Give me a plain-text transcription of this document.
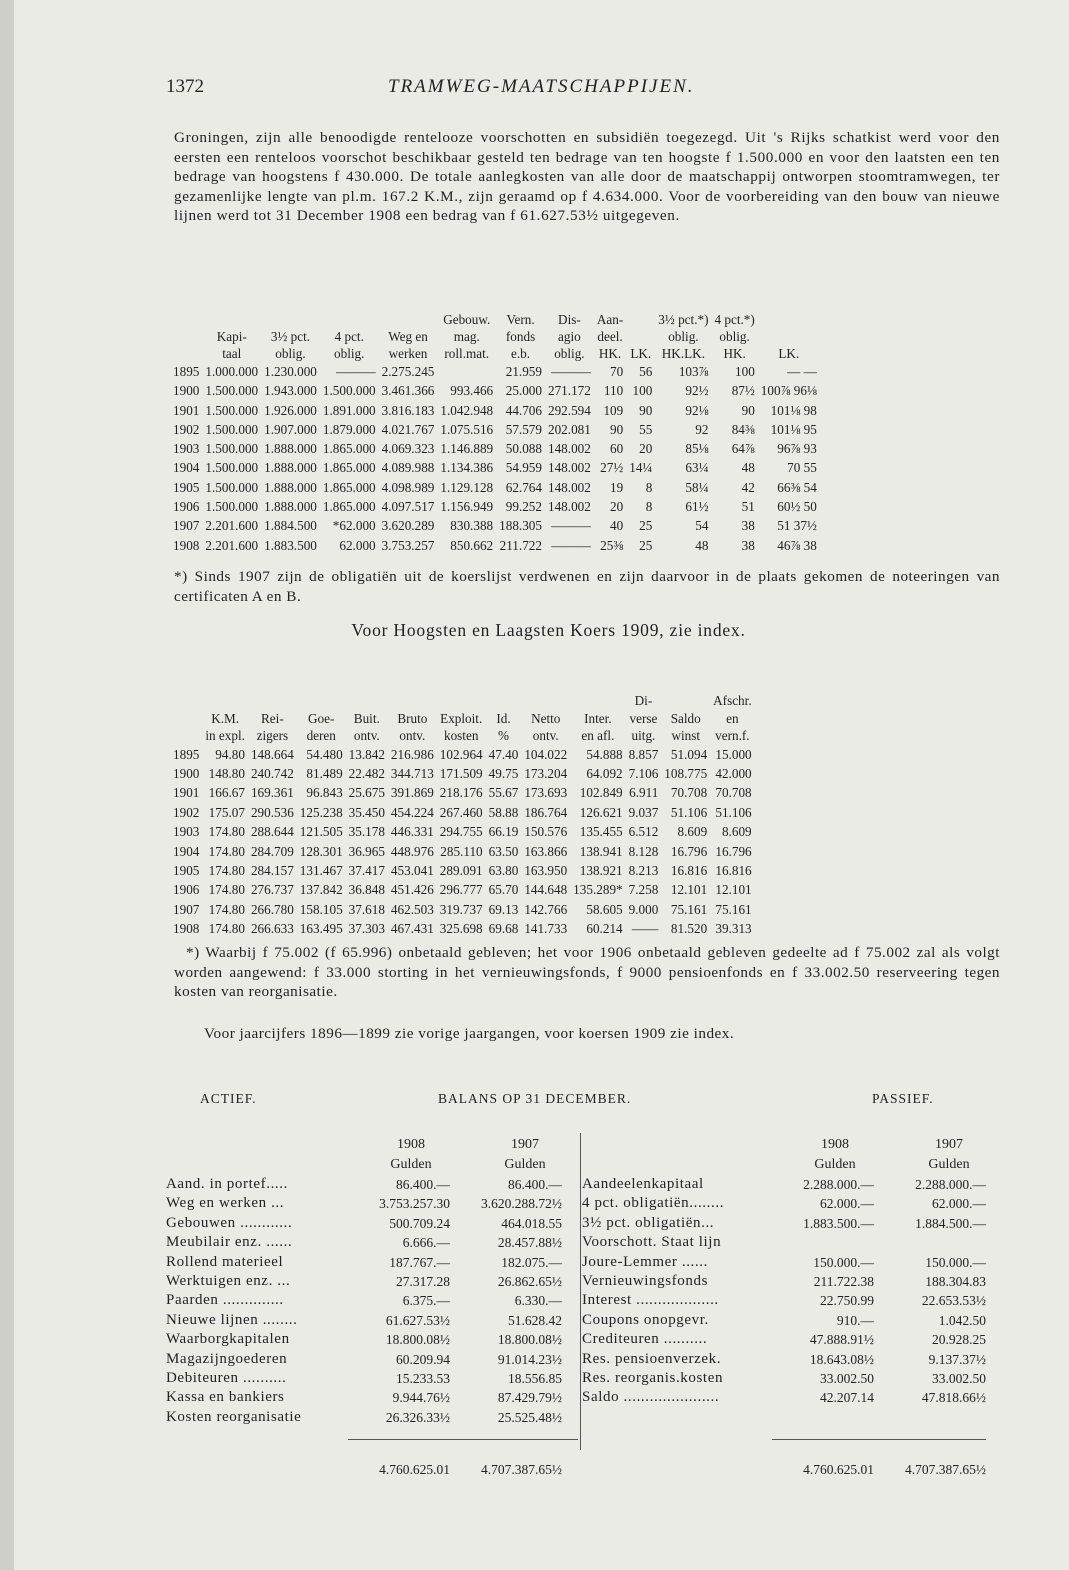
1372	TRAMWEG-MAATSCHAPPIJEN.
Groningen, zijn alle benoodigde rentelooze voorschotten en subsidiën toegezegd. Uit 's Rijks schatkist werd voor den eersten een renteloos voorschot beschikbaar gesteld ten bedrage van ten hoogste f 1.500.000 en voor den laatsten een ten bedrage van hoogstens f 430.000. De totale aanlegkosten van alle door de maatschappij ontworpen stoomtramwegen, ter gezamenlijke lengte van pl.m. 167.2 K.M., zijn geraamd op f 4.634.000. Voor de voorbereiding van den bouw van nieuwe lijnen werd tot 31 December 1908 een bedrag van f 61.627.53½ uitgegeven.
					Gebouw.	Vern.	Dis-	Aan-		3½ pct.*)	4 pct.*)	
	Kapi-	3½ pct.	4 pct.	Weg en	mag.	fonds	agio	deel.		oblig.	oblig.	
	taal	oblig.	oblig.	werken	roll.mat.	e.b.	oblig.	HK.	LK.	HK.LK.	HK.	LK.
1895	1.000.000	1.230.000	———	2.275.245		21.959	———	70	56	103⅞	100	— —
1900	1.500.000	1.943.000	1.500.000	3.461.366	993.466	25.000	271.172	110	100	92½	87½	100⅞ 96⅛
1901	1.500.000	1.926.000	1.891.000	3.816.183	1.042.948	44.706	292.594	109	90	92⅛	90	101⅛ 98
1902	1.500.000	1.907.000	1.879.000	4.021.767	1.075.516	57.579	202.081	90	55	92	84⅜	101⅛ 95
1903	1.500.000	1.888.000	1.865.000	4.069.323	1.146.889	50.088	148.002	60	20	85⅛	64⅞	96⅞ 93
1904	1.500.000	1.888.000	1.865.000	4.089.988	1.134.386	54.959	148.002	27½	14¼	63¼	48	70 55
1905	1.500.000	1.888.000	1.865.000	4.098.989	1.129.128	62.764	148.002	19	8	58¼	42	66⅜ 54
1906	1.500.000	1.888.000	1.865.000	4.097.517	1.156.949	99.252	148.002	20	8	61½	51	60½ 50
1907	2.201.600	1.884.500	*62.000	3.620.289	830.388	188.305	———	40	25	54	38	51 37½
1908	2.201.600	1.883.500	62.000	3.753.257	850.662	211.722	———	25⅜	25	48	38	46⅞ 38
*) Sinds 1907 zijn de obligatiën uit de koerslijst verdwenen en zijn daarvoor in de plaats gekomen de noteeringen van certificaten A en B.
Voor Hoogsten en Laagsten Koers 1909, zie index.
										Di-		Afschr.
	K.M.	Rei-	Goe-	Buit.	Bruto	Exploit.	Id.	Netto	Inter.	verse	Saldo	en
	in expl.	zigers	deren	ontv.	ontv.	kosten	%	ontv.	en afl.	uitg.	winst	vern.f.
1895	94.80	148.664	54.480	13.842	216.986	102.964	47.40	104.022	54.888	8.857	51.094	15.000
1900	148.80	240.742	81.489	22.482	344.713	171.509	49.75	173.204	64.092	7.106	108.775	42.000
1901	166.67	169.361	96.843	25.675	391.869	218.176	55.67	173.693	102.849	6.911	70.708	70.708
1902	175.07	290.536	125.238	35.450	454.224	267.460	58.88	186.764	126.621	9.037	51.106	51.106
1903	174.80	288.644	121.505	35.178	446.331	294.755	66.19	150.576	135.455	6.512	8.609	8.609
1904	174.80	284.709	128.301	36.965	448.976	285.110	63.50	163.866	138.941	8.128	16.796	16.796
1905	174.80	284.157	131.467	37.417	453.041	289.091	63.80	163.950	138.921	8.213	16.816	16.816
1906	174.80	276.737	137.842	36.848	451.426	296.777	65.70	144.648	135.289*	7.258	12.101	12.101
1907	174.80	266.780	158.105	37.618	462.503	319.737	69.13	142.766	58.605	9.000	75.161	75.161
1908	174.80	266.633	163.495	37.303	467.431	325.698	69.68	141.733	60.214	——	81.520	39.313
*) Waarbij f 75.002 (f 65.996) onbetaald gebleven; het voor 1906 onbetaald gebleven gedeelte ad f 75.002 zal als volgt worden aangewend: f 33.000 storting in het vernieuwingsfonds, f 9000 pensioenfonds en f 33.002.50 reserveering tegen kosten van reorganisatie.
Voor jaarcijfers 1896—1899 zie vorige jaargangen, voor koersen 1909 zie index.
ACTIEF.	BALANS OP 31 DECEMBER.	PASSIEF.
1908	1907
Gulden	Gulden
Aand. in portef.....	86.400.—	86.400.—
Weg en werken ...	3.753.257.30 3.620.288.72½
Gebouwen ............	500.709.24	464.018.55
Meubilair enz. ......	6.666.—	28.457.88½
Rollend materieel	187.767.—	182.075.—
Werktuigen enz. ...	27.317.28	26.862.65½
Paarden ..............	6.375.—	6.330.—
Nieuwe lijnen ........	61.627.53½	51.628.42
Waarborgkapitalen	18.800.08½	18.800.08½
Magazijngoederen	60.209.94	91.014.23½
Debiteuren ..........	15.233.53	18.556.85
Kassa en bankiers	9.944.76½	87.429.79½
Kosten reorganisatie	26.326.33½	25.525.48½
4.760.625.01 4.707.387.65½
1908	1907
Gulden	Gulden
Aandeelenkapitaal	2.288.000.—	2.288.000.—
4 pct. obligatiën........	62.000.—	62.000.—
3½ pct. obligatiën...	1.883.500.—	1.884.500.—
Voorschott. Staat lijn
Joure-Lemmer ......	150.000.—	150.000.—
Vernieuwingsfonds	211.722.38	188.304.83
Interest ...................	22.750.99	22.653.53½
Coupons onopgevr.	910.—	1.042.50
Crediteuren ..........	47.888.91½	20.928.25
Res. pensioenverzek.	18.643.08½	9.137.37½
Res. reorganis.kosten	33.002.50	33.002.50
Saldo ......................	42.207.14	47.818.66½
4.760.625.01 4.707.387.65½
